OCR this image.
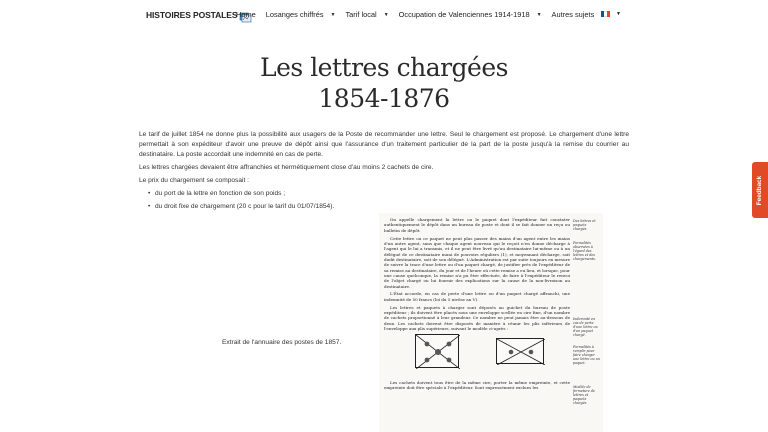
HISTOIRES POSTALES
Home Losanges chiffrés ▼ Tarif local ▼ Occupation de Valenciennes 1914-1918 ▼ Autres sujets	▼
Les lettres chargées
1854-1876

Le tarif de juillet 1854 ne donne plus la possibilité aux usagers de la Poste de recommander une lettre. Seul le chargement est proposé. Le chargement d'une lettre permettait à son expéditeur d'avoir une preuve de dépôt ainsi que l'assurance d'un traitement particulier de la part de la poste jusqu'à la remise du courrier au destinataire. La poste accordait une indemnité en cas de perte.

Les lettres chargées devaient être affranchies et hermétiquement close d'au moins 2 cachets de cire.

Le prix du chargement se composait :

• du port de la lettre en fonction de son poids ;
• du droit fixe de chargement (20 c pour le tarif du 01/07/1854).
Extrait de l'annuaire des postes de 1857.

On appelle chargement la lettre ou le paquet dont l'expéditeur fait constater authentiquement le dépôt dans un bureau de poste et dont il se fait donner un reçu ou bulletin de dépôt.

Cette lettre ou ce paquet ne peut plus passer des mains d'un agent entre les mains d'un autre agent, sans que chaque agent nouveau qui le reçoit n'en donne décharge à l'agent qui le lui a transmis, et il ne peut être livré qu'au destinataire lui-même ou à un délégué de ce destinataire muni de pouvoirs réguliers (1), et moyennant décharge, soit dudit destinataire, soit de son délégué. L'Administration est par suite toujours en mesure de suivre la trace d'une lettre ou d'un paquet chargé, de justifier près de l'expéditeur de sa remise au destinataire, du jour et de l'heure où cette remise a eu lieu, et lorsque, pour une cause quelconque, la remise n'a pu être effectuée, de faire à l'expéditeur le renvoi de l'objet chargé ou lui fournir des explications sur la cause de la non-livraison au destinataire.

L'État accorde, en cas de perte d'une lettre ou d'un paquet chargé affranchi, une indemnité de 50 francs (loi du 5 nivôse an V).

Les lettres et paquets à charger sont déposés au guichet du bureau de poste expéditeur ; ils doivent être placés sous une enveloppe scellée en cire fine, d'un nombre de cachets proportionné à leur grandeur. Ce nombre ne peut jamais être au-dessous de deux. Les cachets doivent être disposés de manière à réunir les plis inférieurs de l'enveloppe aux plis supérieurs, suivant le modèle ci-après :

Les cachets doivent tous être de la même cire, porter la même empreinte, et cette empreinte doit être spéciale à l'expéditeur. Sont expressément exclues les

Des lettres et paquets chargés.
Formalités observées à l'égard des lettres et des chargements.
Indemnité en cas de perte d'une lettre ou d'un paquet chargé.
Formalités à remplir pour faire charger une lettre ou un paquet.
Modèle de fermeture de lettres et paquets chargés.
Feedback
